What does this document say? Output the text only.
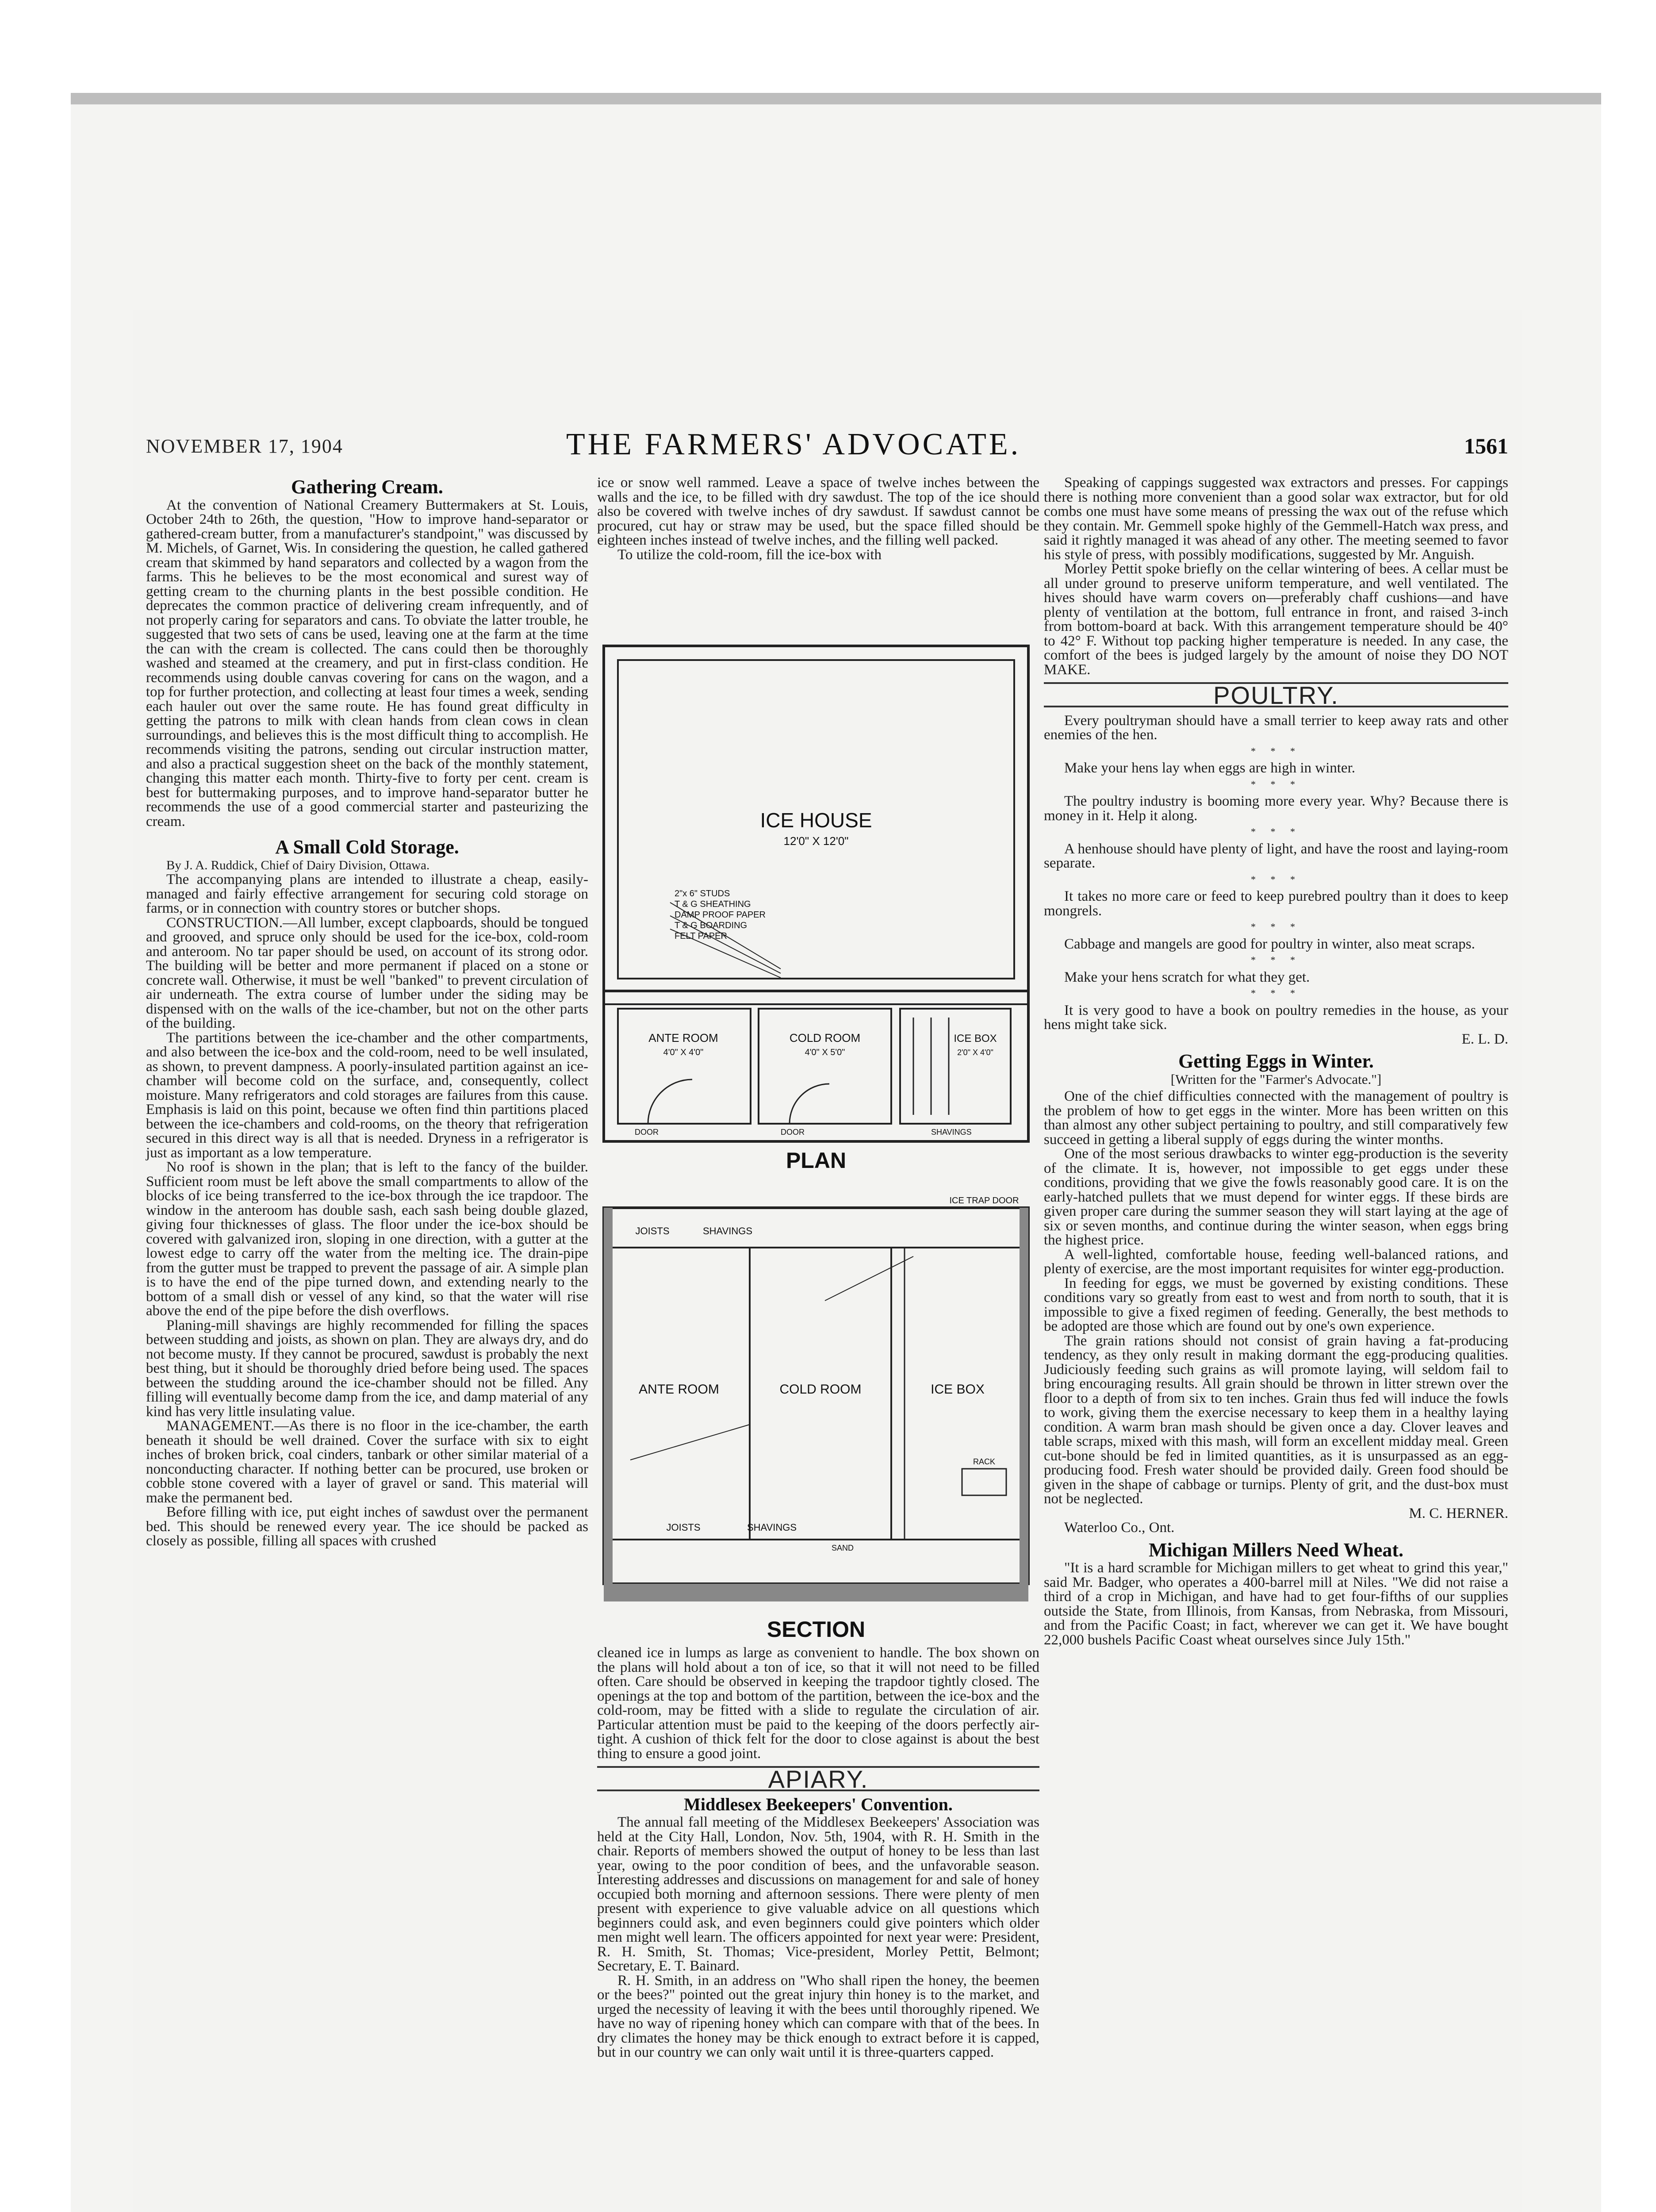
NOVEMBER 17, 1904	THE FARMERS' ADVOCATE.	1561
Gathering Cream.

At the convention of National Creamery Buttermakers at St. Louis, October 24th to 26th, the question, "How to improve hand-separator or gathered-cream butter, from a manufacturer's standpoint," was discussed by M. Michels, of Garnet, Wis. In considering the question, he called gathered cream that skimmed by hand separators and collected by a wagon from the farms. This he believes to be the most economical and surest way of getting cream to the churning plants in the best possible condition. He deprecates the common practice of delivering cream infrequently, and of not properly caring for separators and cans. To obviate the latter trouble, he suggested that two sets of cans be used, leaving one at the farm at the time the can with the cream is collected. The cans could then be thoroughly washed and steamed at the creamery, and put in first-class condition. He recommends using double canvas covering for cans on the wagon, and a top for further protection, and collecting at least four times a week, sending each hauler out over the same route. He has found great difficulty in getting the patrons to milk with clean hands from clean cows in clean surroundings, and believes this is the most difficult thing to accomplish. He recommends visiting the patrons, sending out circular instruction matter, and also a practical suggestion sheet on the back of the monthly statement, changing this matter each month. Thirty-five to forty per cent. cream is best for buttermaking purposes, and to improve hand-separator butter he recommends the use of a good commercial starter and pasteurizing the cream.

A Small Cold Storage.

By J. A. Ruddick, Chief of Dairy Division, Ottawa.

The accompanying plans are intended to illustrate a cheap, easily-managed and fairly effective arrangement for securing cold storage on farms, or in connection with country stores or butcher shops.

CONSTRUCTION.—All lumber, except clapboards, should be tongued and grooved, and spruce only should be used for the ice-box, cold-room and anteroom. No tar paper should be used, on account of its strong odor. The building will be better and more permanent if placed on a stone or concrete wall. Otherwise, it must be well "banked" to prevent circulation of air underneath. The extra course of lumber under the siding may be dispensed with on the walls of the ice-chamber, but not on the other parts of the building.

The partitions between the ice-chamber and the other compartments, and also between the ice-box and the cold-room, need to be well insulated, as shown, to prevent dampness. A poorly-insulated partition against an ice-chamber will become cold on the surface, and, consequently, collect moisture. Many refrigerators and cold storages are failures from this cause. Emphasis is laid on this point, because we often find thin partitions placed between the ice-chambers and cold-rooms, on the theory that refrigeration secured in this direct way is all that is needed. Dryness in a refrigerator is just as important as a low temperature.

No roof is shown in the plan; that is left to the fancy of the builder. Sufficient room must be left above the small compartments to allow of the blocks of ice being transferred to the ice-box through the ice trapdoor. The window in the anteroom has double sash, each sash being double glazed, giving four thicknesses of glass. The floor under the ice-box should be covered with galvanized iron, sloping in one direction, with a gutter at the lowest edge to carry off the water from the melting ice. The drain-pipe from the gutter must be trapped to prevent the passage of air. A simple plan is to have the end of the pipe turned down, and extending nearly to the bottom of a small dish or vessel of any kind, so that the water will rise above the end of the pipe before the dish overflows.

Planing-mill shavings are highly recommended for filling the spaces between studding and joists, as shown on plan. They are always dry, and do not become musty. If they cannot be procured, sawdust is probably the next best thing, but it should be thoroughly dried before being used. The spaces between the studding around the ice-chamber should not be filled. Any filling will eventually become damp from the ice, and damp material of any kind has very little insulating value.

MANAGEMENT.—As there is no floor in the ice-chamber, the earth beneath it should be well drained. Cover the surface with six to eight inches of broken brick, coal cinders, tanbark or other similar material of a nonconducting character. If nothing better can be procured, use broken or cobble stone covered with a layer of gravel or sand. This material will make the permanent bed.

Before filling with ice, put eight inches of sawdust over the permanent bed. This should be renewed every year. The ice should be packed as closely as possible, filling all spaces with crushed

ice or snow well rammed. Leave a space of twelve inches between the walls and the ice, to be filled with dry sawdust. The top of the ice should also be covered with twelve inches of dry sawdust. If sawdust cannot be procured, cut hay or straw may be used, but the space filled should be eighteen inches instead of twelve inches, and the filling well packed.

To utilize the cold-room, fill the ice-box with

ICE HOUSE
12'0" X 12'0"
2"x 6" STUDS
T & G SHEATHING
DAMP PROOF PAPER
T & G BOARDING
FELT PAPER
ANTE ROOM
4'0" X 4'0"
COLD ROOM
4'0" X 5'0"
ICE BOX
2'0" X 4'0"
DOOR	DOOR	SHAVINGS
PLAN
ICE TRAP DOOR
JOISTS	SHAVINGS
ANTE ROOM	COLD ROOM	ICE BOX
RACK
JOISTS	SHAVINGS
SAND
SECTION

cleaned ice in lumps as large as convenient to handle. The box shown on the plans will hold about a ton of ice, so that it will not need to be filled often. Care should be observed in keeping the trapdoor tightly closed. The openings at the top and bottom of the partition, between the ice-box and the cold-room, may be fitted with a slide to regulate the circulation of air. Particular attention must be paid to the keeping of the doors perfectly air-tight. A cushion of thick felt for the door to close against is about the best thing to ensure a good joint.

APIARY.
Middlesex Beekeepers' Convention.

The annual fall meeting of the Middlesex Beekeepers' Association was held at the City Hall, London, Nov. 5th, 1904, with R. H. Smith in the chair. Reports of members showed the output of honey to be less than last year, owing to the poor condition of bees, and the unfavorable season. Interesting addresses and discussions on management for and sale of honey occupied both morning and afternoon sessions. There were plenty of men present with experience to give valuable advice on all questions which beginners could ask, and even beginners could give pointers which older men might well learn. The officers appointed for next year were: President, R. H. Smith, St. Thomas; Vice-president, Morley Pettit, Belmont; Secretary, E. T. Bainard.

R. H. Smith, in an address on "Who shall ripen the honey, the beemen or the bees?" pointed out the great injury thin honey is to the market, and urged the necessity of leaving it with the bees until thoroughly ripened. We have no way of ripening honey which can compare with that of the bees. In dry climates the honey may be thick enough to extract before it is capped, but in our country we can only wait until it is three-quarters capped.

Speaking of cappings suggested wax extractors and presses. For cappings there is nothing more convenient than a good solar wax extractor, but for old combs one must have some means of pressing the wax out of the refuse which they contain. Mr. Gemmell spoke highly of the Gemmell-Hatch wax press, and said it rightly managed it was ahead of any other. The meeting seemed to favor his style of press, with possibly modifications, suggested by Mr. Anguish.

Morley Pettit spoke briefly on the cellar wintering of bees. A cellar must be all under ground to preserve uniform temperature, and well ventilated. The hives should have warm covers on—preferably chaff cushions—and have plenty of ventilation at the bottom, full entrance in front, and raised 3-inch from bottom-board at back. With this arrangement temperature should be 40° to 42° F. Without top packing higher temperature is needed. In any case, the comfort of the bees is judged largely by the amount of noise they DO NOT MAKE.

POULTRY.

Every poultryman should have a small terrier to keep away rats and other enemies of the hen.

* * *

Make your hens lay when eggs are high in winter.

* * *

The poultry industry is booming more every year. Why? Because there is money in it. Help it along.

* * *

A henhouse should have plenty of light, and have the roost and laying-room separate.

* * *

It takes no more care or feed to keep purebred poultry than it does to keep mongrels.

* * *

Cabbage and mangels are good for poultry in winter, also meat scraps.

* * *

Make your hens scratch for what they get.

* * *

It is very good to have a book on poultry remedies in the house, as your hens might take sick.

E. L. D.

Getting Eggs in Winter.
[Written for the "Farmer's Advocate."]

One of the chief difficulties connected with the management of poultry is the problem of how to get eggs in the winter. More has been written on this than almost any other subject pertaining to poultry, and still comparatively few succeed in getting a liberal supply of eggs during the winter months.

One of the most serious drawbacks to winter egg-production is the severity of the climate. It is, however, not impossible to get eggs under these conditions, providing that we give the fowls reasonably good care. It is on the early-hatched pullets that we must depend for winter eggs. If these birds are given proper care during the summer season they will start laying at the age of six or seven months, and continue during the winter season, when eggs bring the highest price.

A well-lighted, comfortable house, feeding well-balanced rations, and plenty of exercise, are the most important requisites for winter egg-production.

In feeding for eggs, we must be governed by existing conditions. These conditions vary so greatly from east to west and from north to south, that it is impossible to give a fixed regimen of feeding. Generally, the best methods to be adopted are those which are found out by one's own experience.

The grain rations should not consist of grain having a fat-producing tendency, as they only result in making dormant the egg-producing qualities. Judiciously feeding such grains as will promote laying, will seldom fail to bring encouraging results. All grain should be thrown in litter strewn over the floor to a depth of from six to ten inches. Grain thus fed will induce the fowls to work, giving them the exercise necessary to keep them in a healthy laying condition. A warm bran mash should be given once a day. Clover leaves and table scraps, mixed with this mash, will form an excellent midday meal. Green cut-bone should be fed in limited quantities, as it is unsurpassed as an egg-producing food. Fresh water should be provided daily. Green food should be given in the shape of cabbage or turnips. Plenty of grit, and the dust-box must not be neglected.

M. C. HERNER.

Waterloo Co., Ont.

Michigan Millers Need Wheat.

"It is a hard scramble for Michigan millers to get wheat to grind this year," said Mr. Badger, who operates a 400-barrel mill at Niles. "We did not raise a third of a crop in Michigan, and have had to get four-fifths of our supplies outside the State, from Illinois, from Kansas, from Nebraska, from Missouri, and from the Pacific Coast; in fact, wherever we can get it. We have bought 22,000 bushels Pacific Coast wheat ourselves since July 15th."
